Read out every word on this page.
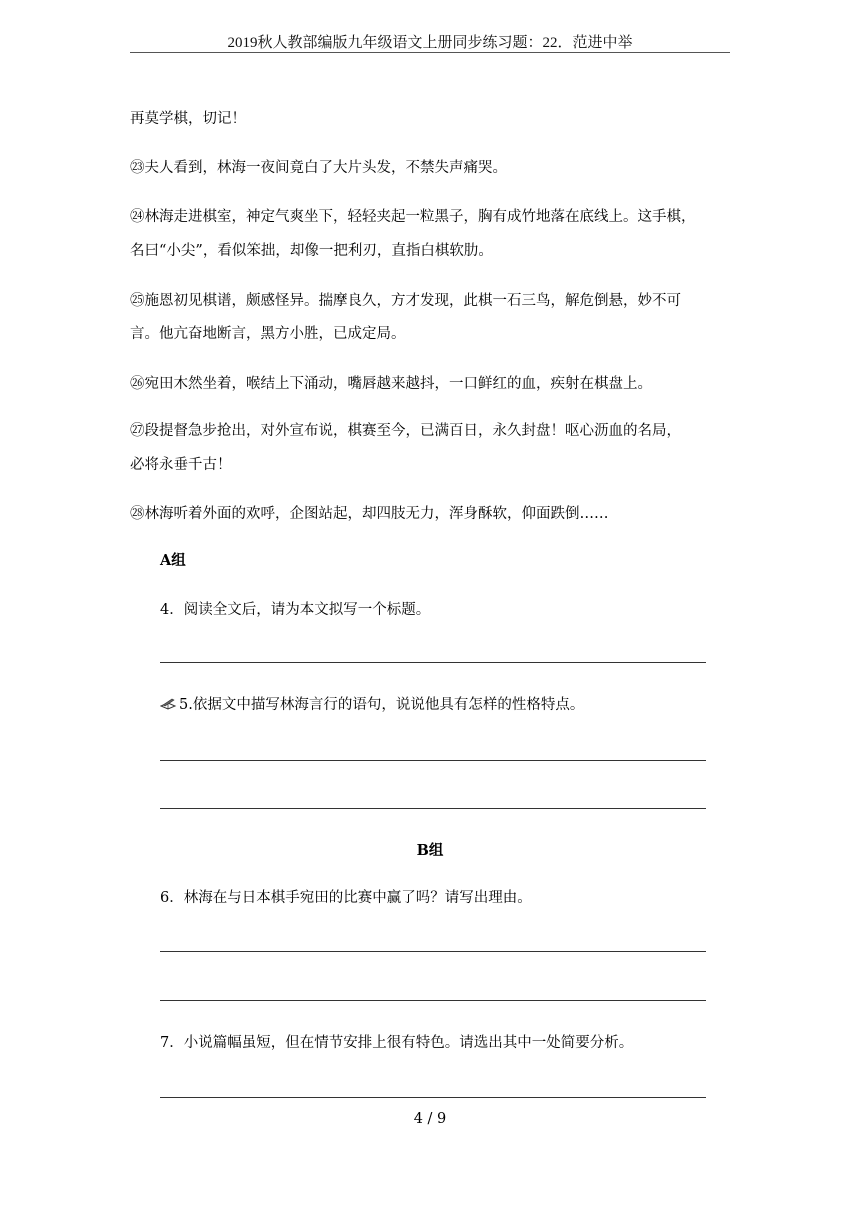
2019秋人教部编版九年级语文上册同步练习题：22．范进中举
再莫学棋，切记！
㉓夫人看到，林海一夜间竟白了大片头发，不禁失声痛哭。
㉔林海走进棋室，神定气爽坐下，轻轻夹起一粒黑子，胸有成竹地落在底线上。这手棋，
名曰“小尖”，看似笨拙，却像一把利刃，直指白棋软肋。
㉕施恩初见棋谱，颇感怪异。揣摩良久，方才发现，此棋一石三鸟，解危倒悬，妙不可
言。他亢奋地断言，黑方小胜，已成定局。
㉖宛田木然坐着，喉结上下涌动，嘴唇越来越抖，一口鲜红的血，疾射在棋盘上。
㉗段提督急步抢出，对外宣布说，棋赛至今，已满百日，永久封盘！呕心沥血的名局，
必将永垂千古！
㉘林海听着外面的欢呼，企图站起，却四肢无力，浑身酥软，仰面跌倒……
A组
4．阅读全文后，请为本文拟写一个标题。
5.依据文中描写林海言行的语句，说说他具有怎样的性格特点。
B组
6．林海在与日本棋手宛田的比赛中赢了吗？请写出理由。
7．小说篇幅虽短，但在情节安排上很有特色。请选出其中一处简要分析。
4 / 9
